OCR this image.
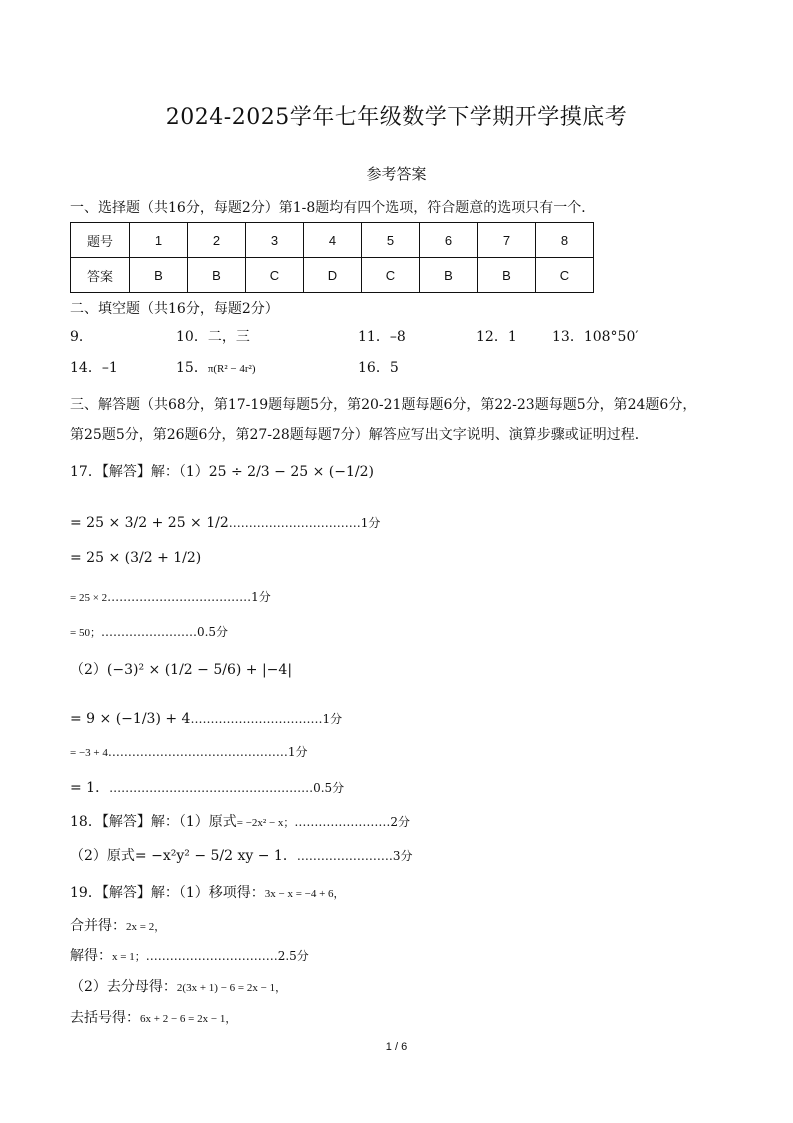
2024-2025学年七年级数学下学期开学摸底考
参考答案
一、选择题（共16分，每题2分）第1-8题均有四个选项，符合题意的选项只有一个．
题号	1	2	3	4	5	6	7	8
答案	B	B	C	D	C	B	B	C
二、填空题（共16分，每题2分）
9．	10．二，三	11．–8	12．1	13．108°50′
14．–1	15．π(R² − 4r²)	16．5
三、解答题（共68分，第17-19题每题5分，第20-21题每题6分，第22-23题每题5分，第24题6分，
第25题5分，第26题6分，第27-28题每题7分）解答应写出文字说明、演算步骤或证明过程．
17．【解答】解：（1）25 ÷ 2/3 − 25 × (−1/2)
= 25 × 3/2 + 25 × 1/2……………………………1分
= 25 × (3/2 + 1/2)
= 25 × 2………………………………1分
= 50；……………………0.5分
（2）(−3)² × (1/2 − 5/6) + |−4|
= 9 × (−1/3) + 4……………………………1分
= −3 + 4………………………………………1分
= 1．……………………………………………0.5分
18．【解答】解：（1）原式= −2x² − x；……………………2分
（2）原式= −x²y² − 5/2 xy − 1．……………………3分
19．【解答】解：（1）移项得：3x − x = −4 + 6，
合并得：2x = 2，
解得：x = 1；……………………………2.5分
（2）去分母得：2(3x + 1) − 6 = 2x − 1，
去括号得：6x + 2 − 6 = 2x − 1，
1 / 6
